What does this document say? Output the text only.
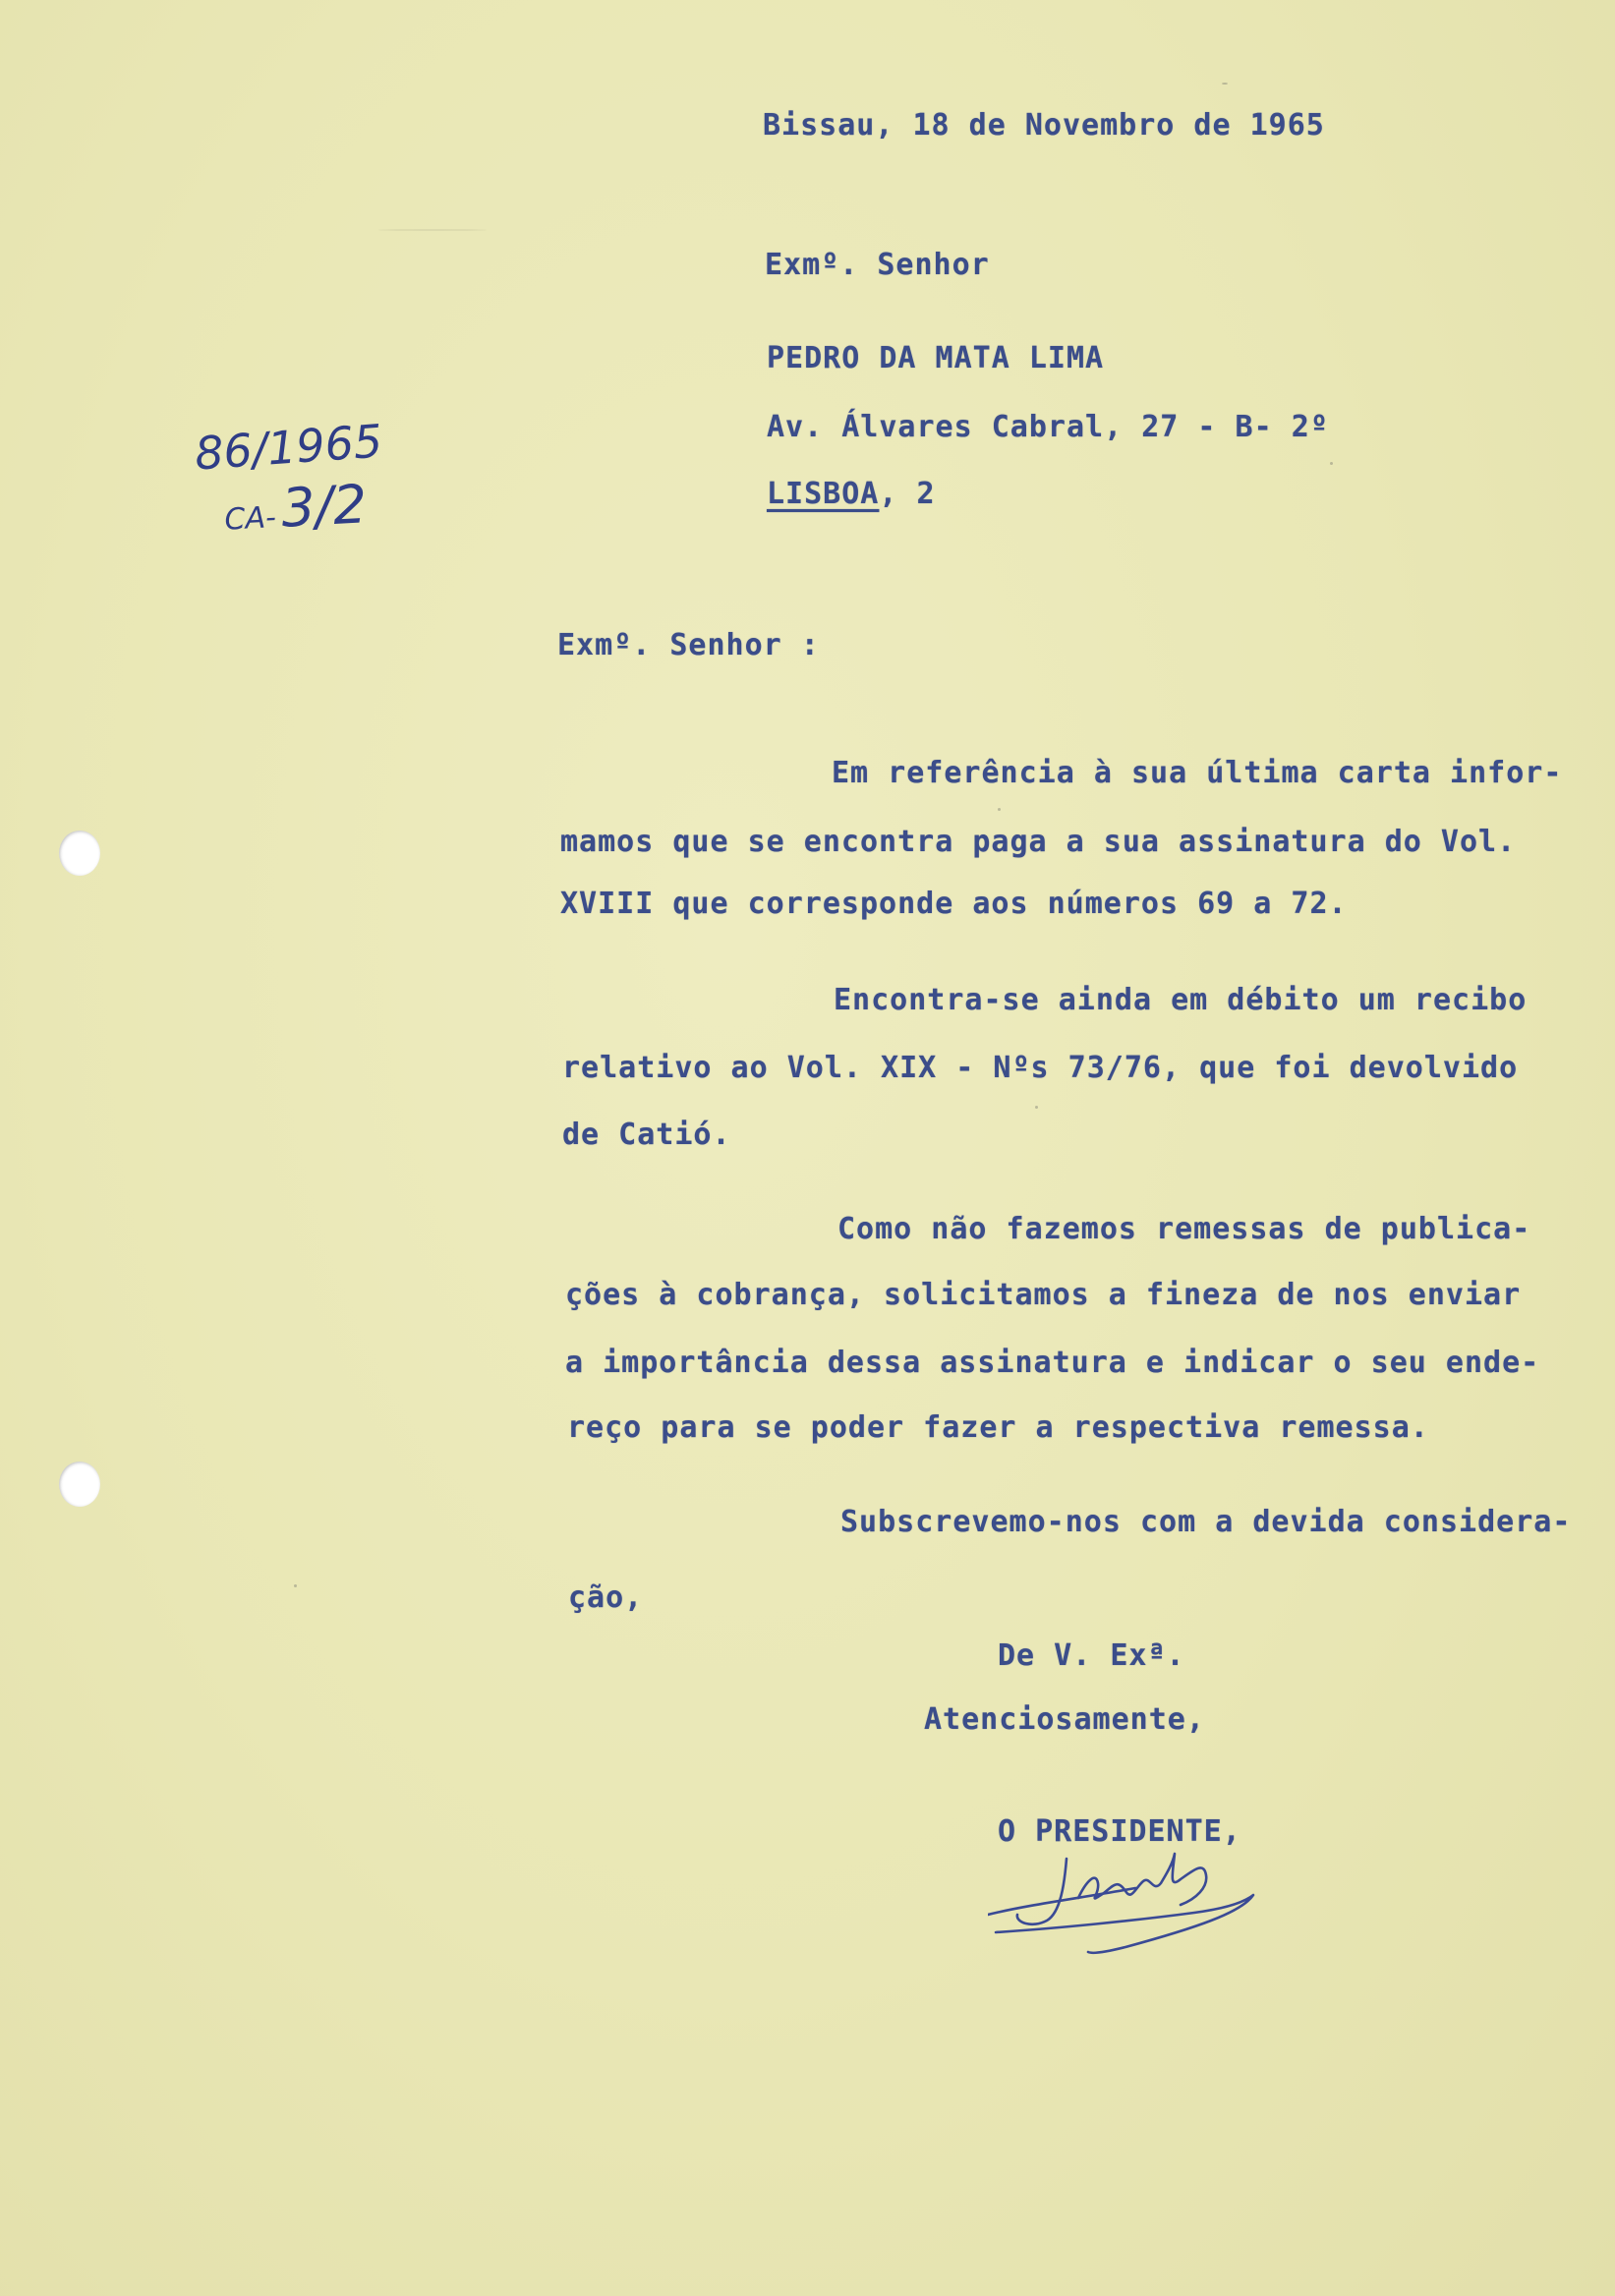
86/1965
CA-3/2
Bissau, 18 de Novembro de 1965
Exmº. Senhor
PEDRO DA MATA LIMA
Av. Álvares Cabral, 27 - B- 2º
LISBOA, 2
Exmº. Senhor :
Em referência à sua última carta infor-
mamos que se encontra paga a sua assinatura do Vol.
XVIII que corresponde aos números 69 a 72.
Encontra-se ainda em débito um recibo
relativo ao Vol. XIX - Nºs 73/76, que foi devolvido
de Catió.
Como não fazemos remessas de publica-
ções à cobrança, solicitamos a fineza de nos enviar
a importância dessa assinatura e indicar o seu ende-
reço para se poder fazer a respectiva remessa.
Subscrevemo-nos com a devida considera-
ção,
De V. Exª.
Atenciosamente,
O PRESIDENTE,
